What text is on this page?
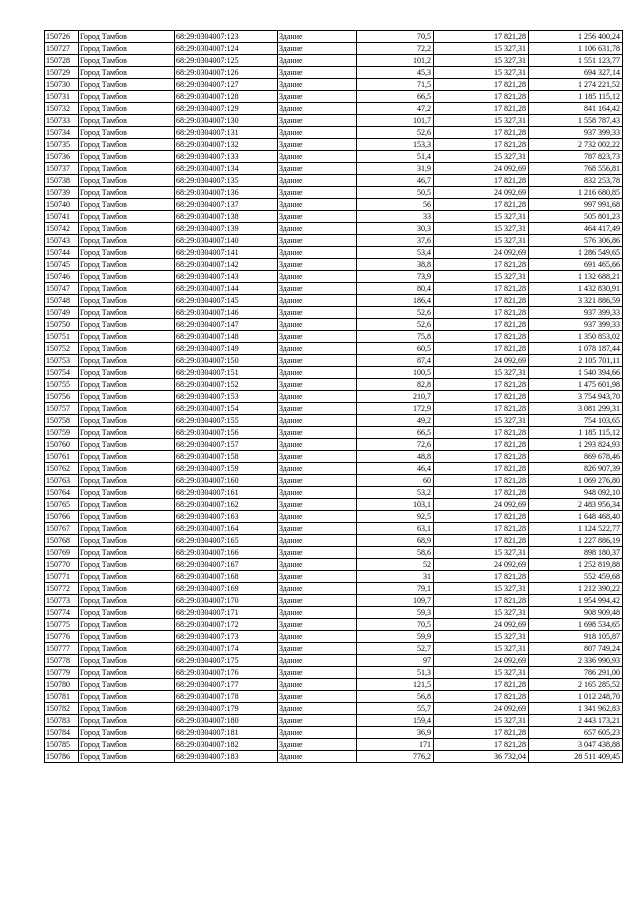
150726	Город Тамбов	68:29:0304007:123	Здание	70,5	17 821,28	1 256 400,24
150727	Город Тамбов	68:29:0304007:124	Здание	72,2	15 327,31	1 106 631,78
150728	Город Тамбов	68:29:0304007:125	Здание	101,2	15 327,31	1 551 123,77
150729	Город Тамбов	68:29:0304007:126	Здание	45,3	15 327,31	694 327,14
150730	Город Тамбов	68:29:0304007:127	Здание	71,5	17 821,28	1 274 221,52
150731	Город Тамбов	68:29:0304007:128	Здание	66,5	17 821,28	1 185 115,12
150732	Город Тамбов	68:29:0304007:129	Здание	47,2	17 821,28	841 164,42
150733	Город Тамбов	68:29:0304007:130	Здание	101,7	15 327,31	1 558 787,43
150734	Город Тамбов	68:29:0304007:131	Здание	52,6	17 821,28	937 399,33
150735	Город Тамбов	68:29:0304007:132	Здание	153,3	17 821,28	2 732 002,22
150736	Город Тамбов	68:29:0304007:133	Здание	51,4	15 327,31	787 823,73
150737	Город Тамбов	68:29:0304007:134	Здание	31,9	24 092,69	768 556,81
150738	Город Тамбов	68:29:0304007:135	Здание	46,7	17 821,28	832 253,78
150739	Город Тамбов	68:29:0304007:136	Здание	50,5	24 092,69	1 216 680,85
150740	Город Тамбов	68:29:0304007:137	Здание	56	17 821,28	997 991,68
150741	Город Тамбов	68:29:0304007:138	Здание	33	15 327,31	505 801,23
150742	Город Тамбов	68:29:0304007:139	Здание	30,3	15 327,31	464 417,49
150743	Город Тамбов	68:29:0304007:140	Здание	37,6	15 327,31	576 306,86
150744	Город Тамбов	68:29:0304007:141	Здание	53,4	24 092,69	1 286 549,65
150745	Город Тамбов	68:29:0304007:142	Здание	38,8	17 821,28	691 465,66
150746	Город Тамбов	68:29:0304007:143	Здание	73,9	15 327,31	1 132 688,21
150747	Город Тамбов	68:29:0304007:144	Здание	80,4	17 821,28	1 432 830,91
150748	Город Тамбов	68:29:0304007:145	Здание	186,4	17 821,28	3 321 886,59
150749	Город Тамбов	68:29:0304007:146	Здание	52,6	17 821,28	937 399,33
150750	Город Тамбов	68:29:0304007:147	Здание	52,6	17 821,28	937 399,33
150751	Город Тамбов	68:29:0304007:148	Здание	75,8	17 821,28	1 350 853,02
150752	Город Тамбов	68:29:0304007:149	Здание	60,5	17 821,28	1 078 187,44
150753	Город Тамбов	68:29:0304007:150	Здание	87,4	24 092,69	2 105 701,11
150754	Город Тамбов	68:29:0304007:151	Здание	100,5	15 327,31	1 540 394,66
150755	Город Тамбов	68:29:0304007:152	Здание	82,8	17 821,28	1 475 601,98
150756	Город Тамбов	68:29:0304007:153	Здание	210,7	17 821,28	3 754 943,70
150757	Город Тамбов	68:29:0304007:154	Здание	172,9	17 821,28	3 081 299,31
150758	Город Тамбов	68:29:0304007:155	Здание	49,2	15 327,31	754 103,65
150759	Город Тамбов	68:29:0304007:156	Здание	66,5	17 821,28	1 185 115,12
150760	Город Тамбов	68:29:0304007:157	Здание	72,6	17 821,28	1 293 824,93
150761	Город Тамбов	68:29:0304007:158	Здание	48,8	17 821,28	869 678,46
150762	Город Тамбов	68:29:0304007:159	Здание	46,4	17 821,28	826 907,39
150763	Город Тамбов	68:29:0304007:160	Здание	60	17 821,28	1 069 276,80
150764	Город Тамбов	68:29:0304007:161	Здание	53,2	17 821,28	948 092,10
150765	Город Тамбов	68:29:0304007:162	Здание	103,1	24 092,69	2 483 956,34
150766	Город Тамбов	68:29:0304007:163	Здание	92,5	17 821,28	1 648 468,40
150767	Город Тамбов	68:29:0304007:164	Здание	63,1	17 821,28	1 124 522,77
150768	Город Тамбов	68:29:0304007:165	Здание	68,9	17 821,28	1 227 886,19
150769	Город Тамбов	68:29:0304007:166	Здание	58,6	15 327,31	898 180,37
150770	Город Тамбов	68:29:0304007:167	Здание	52	24 092,69	1 252 819,88
150771	Город Тамбов	68:29:0304007:168	Здание	31	17 821,28	552 459,68
150772	Город Тамбов	68:29:0304007:169	Здание	79,1	15 327,31	1 212 390,22
150773	Город Тамбов	68:29:0304007:170	Здание	109,7	17 821,28	1 954 994,42
150774	Город Тамбов	68:29:0304007:171	Здание	59,3	15 327,31	908 909,48
150775	Город Тамбов	68:29:0304007:172	Здание	70,5	24 092,69	1 698 534,65
150776	Город Тамбов	68:29:0304007:173	Здание	59,9	15 327,31	918 105,87
150777	Город Тамбов	68:29:0304007:174	Здание	52,7	15 327,31	807 749,24
150778	Город Тамбов	68:29:0304007:175	Здание	97	24 092,69	2 336 990,93
150779	Город Тамбов	68:29:0304007:176	Здание	51,3	15 327,31	786 291,00
150780	Город Тамбов	68:29:0304007:177	Здание	121,5	17 821,28	2 165 285,52
150781	Город Тамбов	68:29:0304007:178	Здание	56,8	17 821,28	1 012 248,70
150782	Город Тамбов	68:29:0304007:179	Здание	55,7	24 092,69	1 341 962,83
150783	Город Тамбов	68:29:0304007:180	Здание	159,4	15 327,31	2 443 173,21
150784	Город Тамбов	68:29:0304007:181	Здание	36,9	17 821,28	657 605,23
150785	Город Тамбов	68:29:0304007:182	Здание	171	17 821,28	3 047 438,88
150786	Город Тамбов	68:29:0304007:183	Здание	776,2	36 732,04	28 511 409,45
